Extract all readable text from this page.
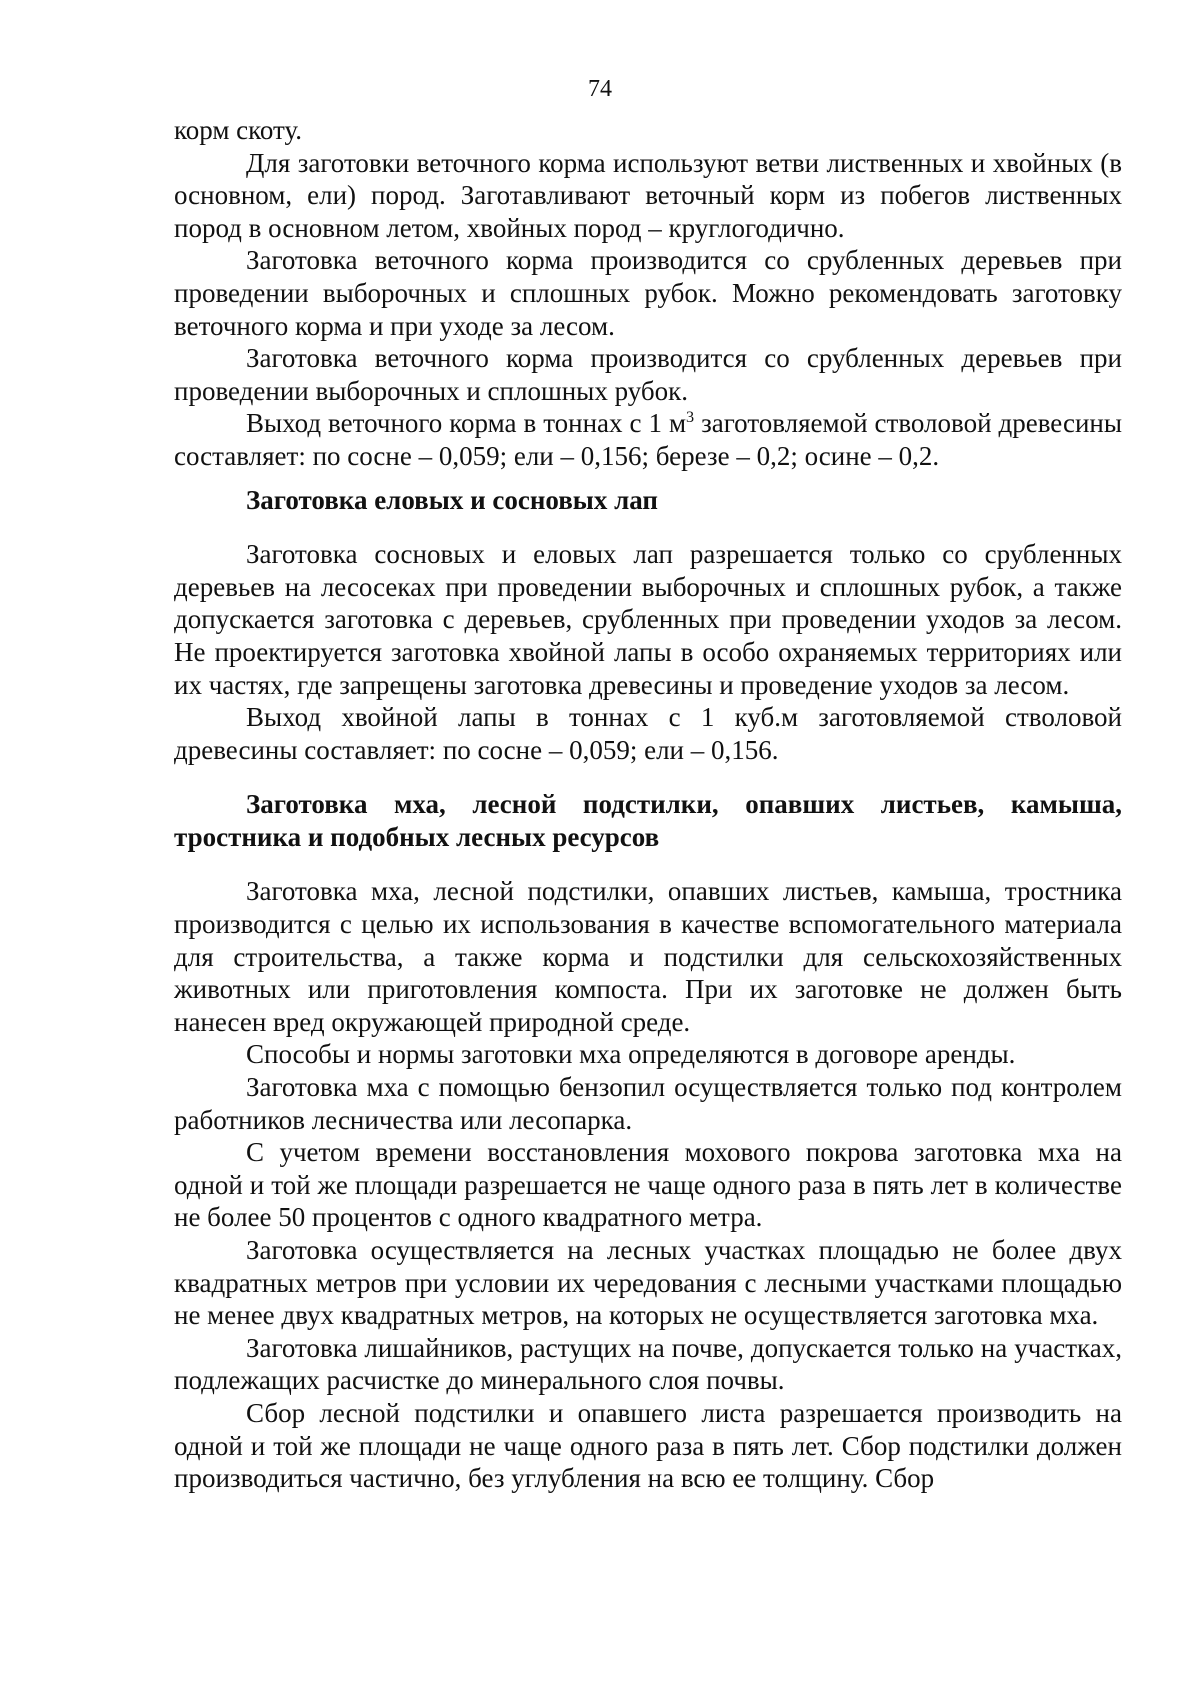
74

корм скоту.

Для заготовки веточного корма используют ветви лиственных и хвойных (в основном, ели) пород. Заготавливают веточный корм из побегов лиственных пород в основном летом, хвойных пород – круглогодично.

Заготовка веточного корма производится со срубленных деревьев при проведении выборочных и сплошных рубок. Можно рекомендовать заготовку веточного корма и при уходе за лесом.

Заготовка веточного корма производится со срубленных деревьев при проведении выборочных и сплошных рубок.

Выход веточного корма в тоннах с 1 $м^3$ заготовляемой стволовой древесины составляет: по сосне – 0,059; ели – 0,156; березе – 0,2; осине – 0,2.

Заготовка еловых и сосновых лап

Заготовка сосновых и еловых лап разрешается только со срубленных деревьев на лесосеках при проведении выборочных и сплошных рубок, а также допускается заготовка с деревьев, срубленных при проведении уходов за лесом. Не проектируется заготовка хвойной лапы в особо охраняемых территориях или их частях, где запрещены заготовка древесины и проведение уходов за лесом.

Выход хвойной лапы в тоннах с 1 куб.м заготовляемой стволовой древесины составляет: по сосне – 0,059; ели – 0,156.

Заготовка мха, лесной подстилки, опавших листьев, камыша, тростника и подобных лесных ресурсов

Заготовка мха, лесной подстилки, опавших листьев, камыша, тростника производится с целью их использования в качестве вспомогательного материала для строительства, а также корма и подстилки для сельскохозяйственных животных или приготовления компоста. При их заготовке не должен быть нанесен вред окружающей природной среде.

Способы и нормы заготовки мха определяются в договоре аренды.

Заготовка мха с помощью бензопил осуществляется только под контролем работников лесничества или лесопарка.

С учетом времени восстановления мохового покрова заготовка мха на одной и той же площади разрешается не чаще одного раза в пять лет в количестве не более 50 процентов с одного квадратного метра.

Заготовка осуществляется на лесных участках площадью не более двух квадратных метров при условии их чередования с лесными участками площадью не менее двух квадратных метров, на которых не осуществляется заготовка мха.

Заготовка лишайников, растущих на почве, допускается только на участках, подлежащих расчистке до минерального слоя почвы.

Сбор лесной подстилки и опавшего листа разрешается производить на одной и той же площади не чаще одного раза в пять лет. Сбор подстилки должен производиться частично, без углубления на всю ее толщину. Сбор
